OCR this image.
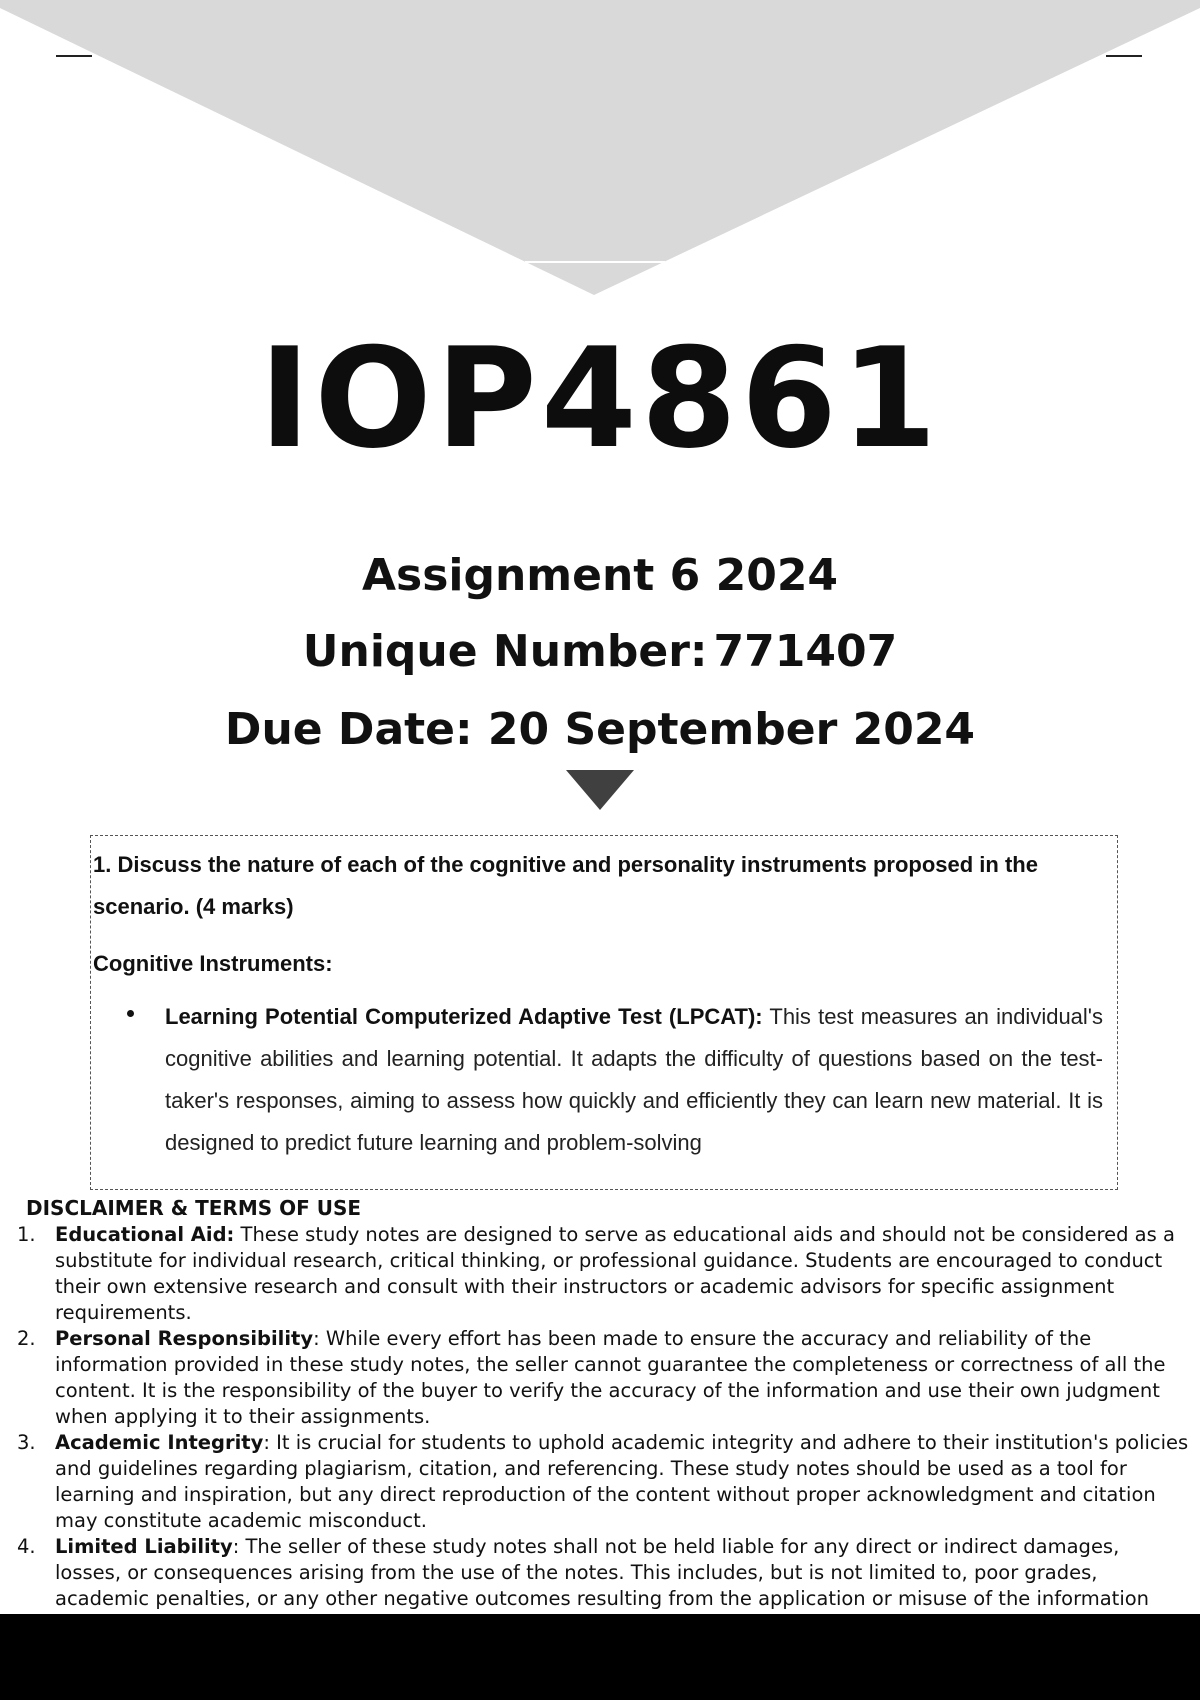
IOP4861
Assignment 6 2024
Unique Number: 771407
Due Date: 20 September 2024

1. Discuss the nature of each of the cognitive and personality instruments proposed in the scenario. (4 marks)

Cognitive Instruments:

Learning Potential Computerized Adaptive Test (LPCAT): This test measures an individual's cognitive abilities and learning potential. It adapts the difficulty of questions based on the test-taker's responses, aiming to assess how quickly and efficiently they can learn new material. It is designed to predict future learning and problem-solving

DISCLAIMER & TERMS OF USE
1. Educational Aid: These study notes are designed to serve as educational aids and should not be considered as a substitute for individual research, critical thinking, or professional guidance. Students are encouraged to conduct their own extensive research and consult with their instructors or academic advisors for specific assignment requirements.
2. Personal Responsibility: While every effort has been made to ensure the accuracy and reliability of the information provided in these study notes, the seller cannot guarantee the completeness or correctness of all the content. It is the responsibility of the buyer to verify the accuracy of the information and use their own judgment when applying it to their assignments.
3. Academic Integrity: It is crucial for students to uphold academic integrity and adhere to their institution's policies and guidelines regarding plagiarism, citation, and referencing. These study notes should be used as a tool for learning and inspiration, but any direct reproduction of the content without proper acknowledgment and citation may constitute academic misconduct.
4. Limited Liability: The seller of these study notes shall not be held liable for any direct or indirect damages, losses, or consequences arising from the use of the notes. This includes, but is not limited to, poor grades, academic penalties, or any other negative outcomes resulting from the application or misuse of the information
